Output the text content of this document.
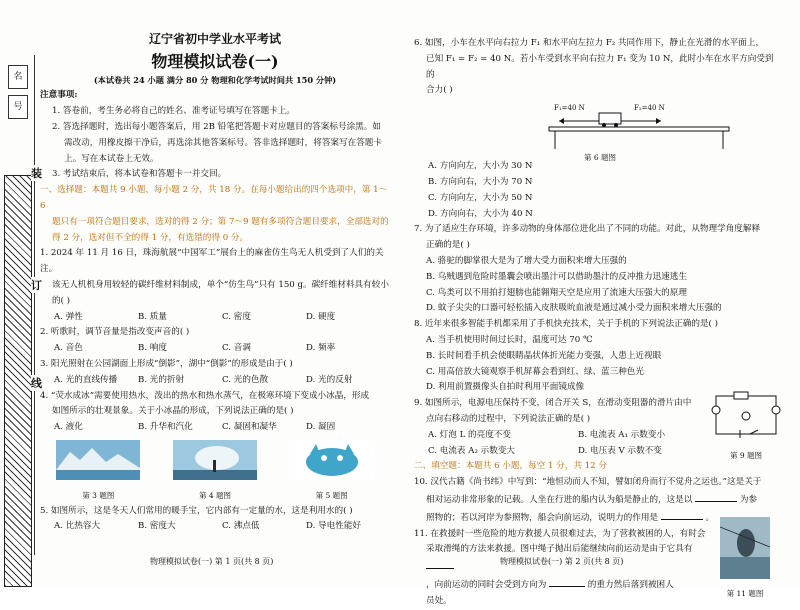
名
号
装
订
线
辽宁省初中学业水平考试
物理模拟试卷(一)
(本试卷共 24 小题 满分 80 分 物理和化学考试时间共 150 分钟)

注意事项:

1. 答卷前，考生务必将自己的姓名、准考证号填写在答题卡上。

2. 答选择题时，选出每小题答案后，用 2B 铅笔把答题卡对应题目的答案标号涂黑。如

需改动，用橡皮擦干净后，再选涂其他答案标号。答非选择题时，将答案写在答题卡

上。写在本试卷上无效。

3. 考试结束后，将本试卷和答题卡一并交回。

一、选择题：本题共 9 小题，每小题 2 分，共 18 分。在每小题给出的四个选项中，第 1～6

题只有一项符合题目要求，选对的得 2 分；第 7～9 题有多项符合题目要求，全部选对的

得 2 分，选对但不全的得 1 分，有选错的得 0 分。

1. 2024 年 11 月 16 日，珠海航展“中国军工”展台上的麻雀仿生鸟无人机受到了人们的关注。

该无人机机身用较轻的碳纤维材料制成，单个“仿生鸟”只有 150 g。碳纤维材料具有较小

的( )

A. 弹性	B. 质量	C. 密度	D. 硬度

2. 听歌时，调节音量是指改变声音的( )

A. 音色	B. 响度	C. 音调	D. 频率

3. 阳光照射在公园湖面上形成“倒影”，湖中“倒影”的形成是由于( )

A. 光的直线传播	B. 光的折射	C. 光的色散	D. 光的反射

4. “荧水成冰”需要使用热水，泼出的热水和热水蒸气，在极寒环境下变成小冰晶，形成

如图所示的壮观景象。关于小冰晶的形成，下列说法正确的是( )

A. 液化	B. 升华和汽化	C. 凝固和凝华	D. 凝固
第 3 题图	第 4 题图	第 5 题图

5. 如图所示，这是冬天人们常用的暖手宝，它内部有一定量的水，这是利用水的( )

A. 比热容大	B. 密度大	C. 沸点低	D. 导电性能好

6. 如图，小车在水平向右拉力 F₁ 和水平向左拉力 F₂ 共同作用下，静止在光滑的水平面上，

已知 F₁ = F₂ = 40 N。若小车受到水平向右拉力 F₁ 变为 10 N，此时小车在水平方向受到的

合力( )

F₁=40 N	F₂=40 N
第 6 题图
A. 方向向左，大小为 30 N
B. 方向向右，大小为 70 N
C. 方向向左，大小为 50 N
D. 方向向右，大小为 40 N

7. 为了适应生存环境，许多动物的身体部位进化出了不同的功能。对此，从物理学角度解释

正确的是( )

A. 骆驼的脚掌很大是为了增大受力面积来增大压强的

B. 乌贼遇到危险时墨囊会喷出墨汁可以借助墨汁的反冲推力迅速逃生

C. 鸟类可以不用拍打翅膀也能翱翔天空是应用了流速大压强大的原理

D. 蚊子尖尖的口器可轻松插入皮肤吸吮血液是通过减小受力面积来增大压强的

8. 近年来很多智能手机都采用了手机快充技术，关于手机的下列说法正确的是( )

A. 当手机使用时间过长时，温度可达 70 ℃

B. 长时间看手机会使眼睛晶状体折光能力变强，人患上近视眼

C. 用高倍放大镜观察手机屏幕会看到红、绿、蓝三种色光

D. 利用前置摄像头自拍时利用平面镜成像

9. 如图所示，电源电压保持不变，闭合开关 S，在滑动变阻器的滑片由中

点向右移动的过程中，下列说法正确的是( )

A. 灯泡 L 的亮度不变	B. 电流表 A₁ 示数变小
C. 电流表 A₂ 示数变大	D. 电压表 V 示数不变	第 9 题图

二、填空题：本题共 6 小题，每空 1 分，共 12 分

10. 汉代古籍《尚书纬》中写到：“地恒动而人不知，譬如闭舟而行不觉舟之运也。”这是关于

相对运动非常形象的记载。人坐在行进的船内认为船是静止的，这是以	为参

照物的；若以河岸为参照物，船会向前运动，说明力的作用是	。

11. 在救援时一些危险的地方救援人员很难过去，为了营救被困的人，有时会

采取滑绳的方法来救援。图中绳子抛出后能继续向前运动是由于它具有

，向前运动的同时会受到方向为	的重力然后落到被困人

员处。

第 11 题图
物理模拟试卷(一) 第 1 页(共 8 页)	物理模拟试卷(一) 第 2 页(共 8 页)
